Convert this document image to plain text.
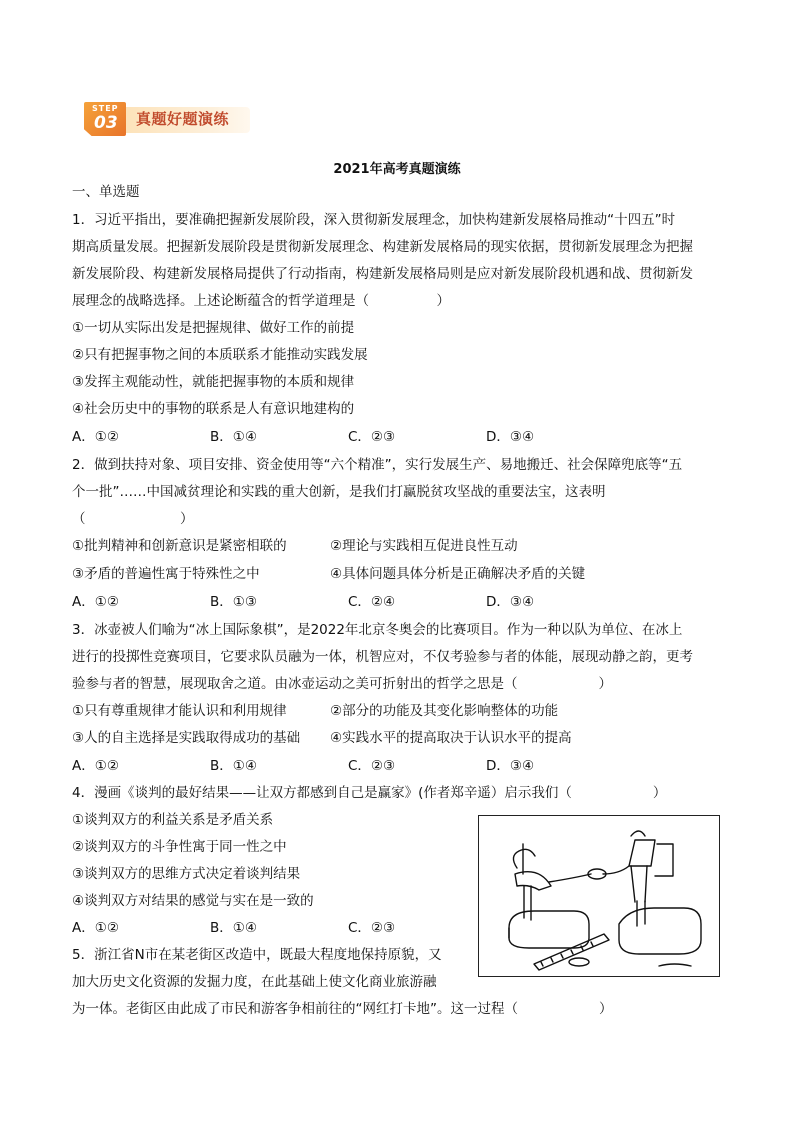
STEP
03 真题好题演练
2021年高考真题演练
一、单选题
1．习近平指出，要准确把握新发展阶段，深入贯彻新发展理念，加快构建新发展格局推动“十四五”时
期高质量发展。把握新发展阶段是贯彻新发展理念、构建新发展格局的现实依据，贯彻新发展理念为把握
新发展阶段、构建新发展格局提供了行动指南，构建新发展格局则是应对新发展阶段机遇和战、贯彻新发
展理念的战略选择。上述论断蕴含的哲学道理是（　　　　　）
①一切从实际出发是把握规律、做好工作的前提
②只有把握事物之间的本质联系才能推动实践发展
③发挥主观能动性，就能把握事物的本质和规律
④社会历史中的事物的联系是人有意识地建构的
A．①②	B．①④	C．②③	D．③④
2．做到扶持对象、项目安排、资金使用等“六个精准”，实行发展生产、易地搬迁、社会保障兜底等“五
个一批”……中国减贫理论和实践的重大创新，是我们打赢脱贫攻坚战的重要法宝，这表明
（　　　　　　　）
①批判精神和创新意识是紧密相联的	②理论与实践相互促进良性互动
③矛盾的普遍性寓于特殊性之中	④具体问题具体分析是正确解决矛盾的关键
A．①②	B．①③	C．②④	D．③④
3．冰壶被人们喻为“冰上国际象棋”，是2022年北京冬奥会的比赛项目。作为一种以队为单位、在冰上
进行的投掷性竞赛项目，它要求队员融为一体，机智应对，不仅考验参与者的体能，展现动静之韵，更考
验参与者的智慧，展现取舍之道。由冰壶运动之美可折射出的哲学之思是（　　　　　　）
①只有尊重规律才能认识和利用规律	②部分的功能及其变化影响整体的功能
③人的自主选择是实践取得成功的基础 ④实践水平的提高取决于认识水平的提高
A．①②	B．①④	C．②③	D．③④
4．漫画《谈判的最好结果——让双方都感到自己是赢家》(作者郑辛遥）启示我们（　　　　　　）
①谈判双方的利益关系是矛盾关系
②谈判双方的斗争性寓于同一性之中
③谈判双方的思维方式决定着谈判结果
④谈判双方对结果的感觉与实在是一致的
A．①②	B．①④	C．②③
5．浙江省N市在某老街区改造中，既最大程度地保持原貌，又
加大历史文化资源的发掘力度，在此基础上使文化商业旅游融
为一体。老街区由此成了市民和游客争相前往的“网红打卡地”。这一过程（　　　　　　）
